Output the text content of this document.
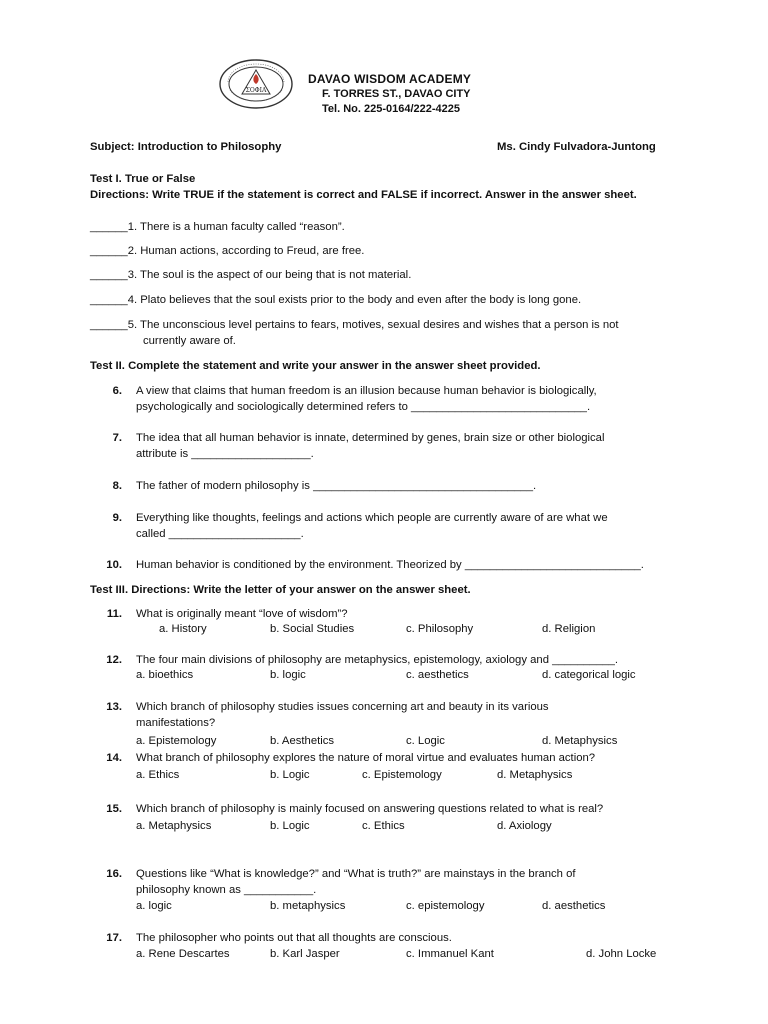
ΣΟΦΙΑ
DAVAO WISDOM ACADEMY
F. TORRES ST., DAVAO CITY
Tel. No. 225-0164/222-4225
Subject: Introduction to Philosophy	Ms. Cindy Fulvadora-Juntong
Test I. True or False
Directions: Write TRUE if the statement is correct and FALSE if incorrect. Answer in the answer sheet.
______1. There is a human faculty called “reason”.
______2. Human actions, according to Freud, are free.
______3. The soul is the aspect of our being that is not material.
______4. Plato believes that the soul exists prior to the body and even after the body is long gone.
______5. The unconscious level pertains to fears, motives, sexual desires and wishes that a person is not
currently aware of.
Test II. Complete the statement and write your answer in the answer sheet provided.
6. A view that claims that human freedom is an illusion because human behavior is biologically,
psychologically and sociologically determined refers to ____________________________.
7. The idea that all human behavior is innate, determined by genes, brain size or other biological
attribute is ___________________.
8. The father of modern philosophy is ___________________________________.
9. Everything like thoughts, feelings and actions which people are currently aware of are what we
called _____________________.
10. Human behavior is conditioned by the environment. Theorized by ____________________________.
Test III. Directions: Write the letter of your answer on the answer sheet.
11. What is originally meant “love of wisdom”?
a. History	b. Social Studies	c. Philosophy	d. Religion
12. The four main divisions of philosophy are metaphysics, epistemology, axiology and __________.
a. bioethics	b. logic	c. aesthetics	d. categorical logic
13. Which branch of philosophy studies issues concerning art and beauty in its various
manifestations?
a. Epistemology	b. Aesthetics	c. Logic	d. Metaphysics
14. What branch of philosophy explores the nature of moral virtue and evaluates human action?
a. Ethics	b. Logic	c. Epistemology	d. Metaphysics
15. Which branch of philosophy is mainly focused on answering questions related to what is real?
a. Metaphysics	b. Logic	c. Ethics	d. Axiology
16. Questions like “What is knowledge?” and “What is truth?” are mainstays in the branch of
philosophy known as ___________.
a. logic	b. metaphysics	c. epistemology	d. aesthetics
17. The philosopher who points out that all thoughts are conscious.
a. Rene Descartes	b. Karl Jasper	c. Immanuel Kant	d. John Locke
